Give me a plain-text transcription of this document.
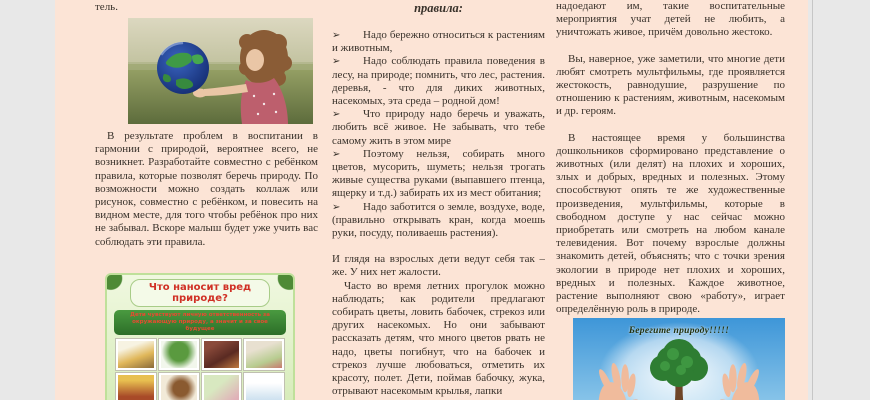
тель.

В результате проблем в воспитании в гармонии с природой, вероятнее всего, не возникнет. Разработайте совместно с ребёнком правила, которые позволят беречь природу. По возможности можно создать коллаж или рисунок, совместно с ребёнком, и повесить на видном месте, для того чтобы ребёнок про них не забывал. Вскоре малыш будет уже учить вас соблюдать эти правила.

Что наносит вред природе?
Дети чувствуют личную ответственность за окружающую природу, а значит и за свое будущее

правила:

➢ Надо бережно относиться к растениям и животным,

➢ Надо соблюдать правила поведения в лесу, на природе; помнить, что лес, растения. деревья, - что для диких животных, насекомых, эта среда – родной дом!

➢ Что природу надо беречь и уважать, любить всё живое. Не забывать, что тебе самому жить в этом мире

➢ Поэтому нельзя, собирать много цветов, мусорить, шуметь; нельзя трогать живые существа руками (выпавшего птенца, ящерку и т.д.) забирать их из мест обитания;

➢ Надо заботится о земле, воздухе, воде, (правильно открывать кран, когда моешь руки, посуду, поливаешь растения).

И глядя на взрослых дети ведут себя так – же. У них нет жалости.

Часто во время летних прогулок можно наблюдать; как родители предлагают собирать цветы, ловить бабочек, стрекоз или других насекомых. Но они забывают рассказать детям, что много цветов рвать не надо, цветы погибнут, что на бабочек и стрекоз лучше любоваться, отметить их красоту, полет. Дети, поймав бабочку, жука, отрывают насекомым крылья, лапки

надоедают им, такие воспитательные мероприятия учат детей не любить, а уничтожать живое, причём довольно жестоко.

Вы, наверное, уже заметили, что многие дети любят смотреть мультфильмы, где проявляется жестокость, равнодушие, разрушение по отношению к растениям, животным, насекомым и др. героям.

В настоящее время у большинства дошкольников сформировано представление о животных (или делят) на плохих и хороших, злых и добрых, вредных и полезных. Этому способствуют опять те же художественные произведения, мультфильмы, которые в свободном доступе у нас сейчас можно приобретать или смотреть на любом канале телевидения. Вот почему взрослые должны знакомить детей, объяснять; что с точки зрения экологии в природе нет плохих и хороших, вредных и полезных. Каждое животное, растение выполняют свою «работу», играет определённую роль в природе.

Берегите природу!!!!!
